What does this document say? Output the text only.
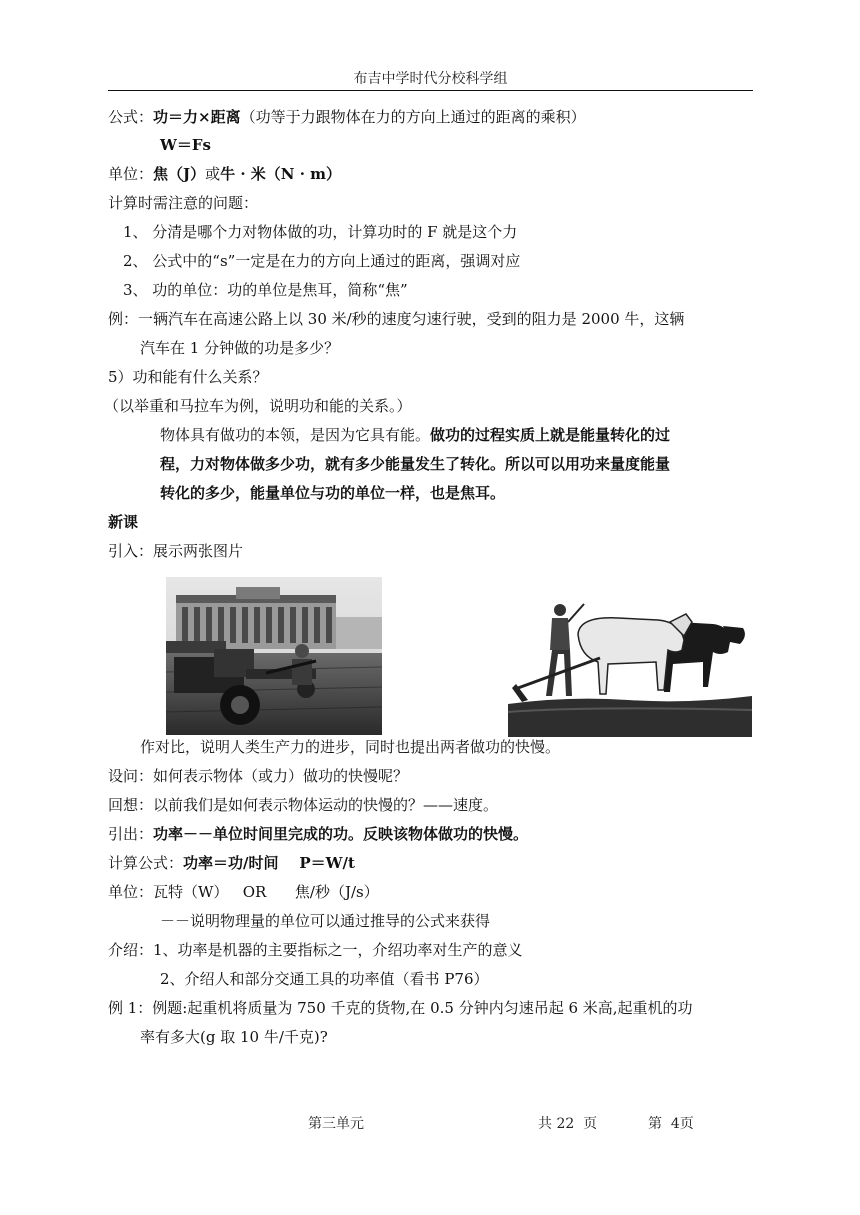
布吉中学时代分校科学组
公式：功＝力×距离（功等于力跟物体在力的方向上通过的距离的乘积）
W＝Fs
单位：焦（J）或牛 · 米（N · m）
计算时需注意的问题：
1、 分清是哪个力对物体做的功，计算功时的 F 就是这个力
2、 公式中的“s”一定是在力的方向上通过的距离，强调对应
3、 功的单位：功的单位是焦耳，简称“焦”
例：一辆汽车在高速公路上以 30 米/秒的速度匀速行驶，受到的阻力是 2000 牛，这辆
汽车在 1 分钟做的功是多少？
5）功和能有什么关系？
（以举重和马拉车为例，说明功和能的关系。）
物体具有做功的本领，是因为它具有能。做功的过程实质上就是能量转化的过
程，力对物体做多少功，就有多少能量发生了转化。所以可以用功来量度能量
转化的多少，能量单位与功的单位一样，也是焦耳。
新课
引入：展示两张图片
作对比，说明人类生产力的进步，同时也提出两者做功的快慢。
设问：如何表示物体（或力）做功的快慢呢？
回想：以前我们是如何表示物体运动的快慢的？——速度。
引出：功率－－单位时间里完成的功。反映该物体做功的快慢。
计算公式：功率＝功/时间    P＝W/t
单位：瓦特（W）   OR      焦/秒（J/s）
－－说明物理量的单位可以通过推导的公式来获得
介绍：1、功率是机器的主要指标之一，介绍功率对生产的意义
2、介绍人和部分交通工具的功率值（看书 P76）
例 1：例题:起重机将质量为 750 千克的货物,在 0.5 分钟内匀速吊起 6 米高,起重机的功
率有多大(g 取 10 牛/千克)?
第三单元	共 22  页	第  4页
